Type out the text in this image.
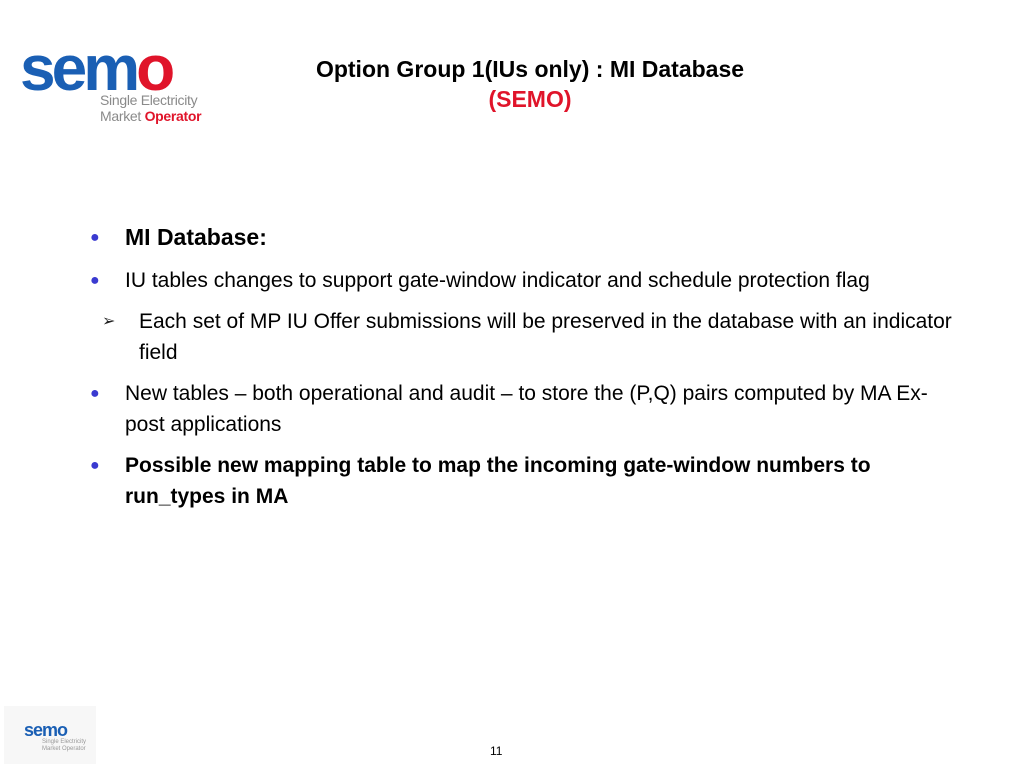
semo
Single Electricity
Market Operator
Option Group 1(IUs only) : MI Database
(SEMO)
● MI Database:
● IU tables changes to support gate-window indicator and schedule protection flag
➢ Each set of MP IU Offer submissions will be preserved in the database with an indicator field
● New tables – both operational and audit – to store the (P,Q) pairs computed by MA Ex-post applications
● Possible new mapping table to map the incoming gate-window numbers to run_types in MA
semo
Single Electricity Market Operator	11
